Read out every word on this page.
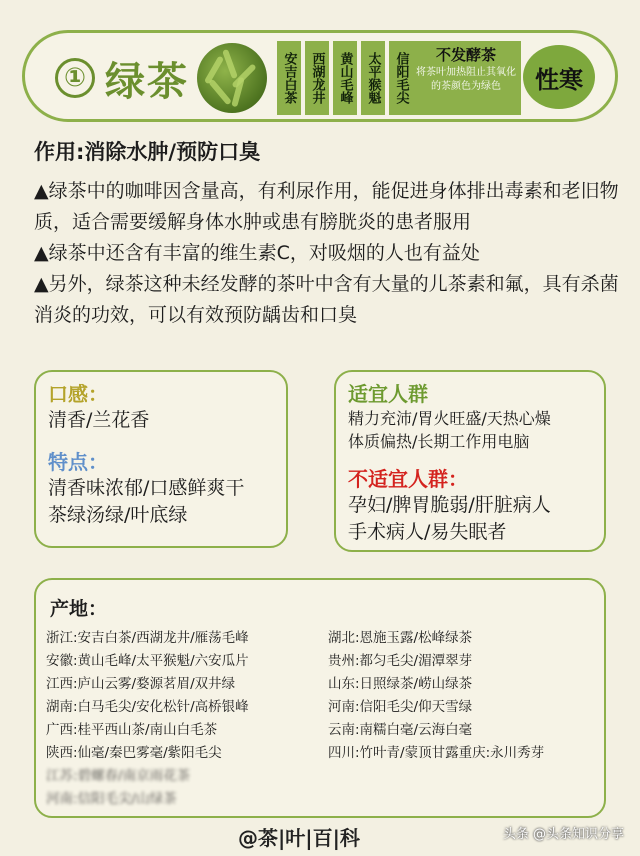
① 绿茶	安吉白茶	西湖龙井	黄山毛峰	太平猴魁	信阳毛尖	不发酵茶
将茶叶加热阻止其氧化的茶颜色为绿色	性寒
作用:消除水肿/预防口臭

▲绿茶中的咖啡因含量高，有利尿作用，能促进身体排出毒素和老旧物质，适合需要缓解身体水肿或患有膀胱炎的患者服用

▲绿茶中还含有丰富的维生素C，对吸烟的人也有益处

▲另外，绿茶这种未经发酵的茶叶中含有大量的儿茶素和氟，具有杀菌消炎的功效，可以有效预防龋齿和口臭

口感：
清香/兰花香
特点：
清香味浓郁/口感鲜爽干
茶绿汤绿/叶底绿
适宜人群
精力充沛/胃火旺盛/天热心燥
体质偏热/长期工作用电脑
不适宜人群：
孕妇/脾胃脆弱/肝脏病人
手术病人/易失眠者
产地：
浙江:安吉白茶/西湖龙井/雁荡毛峰	湖北:恩施玉露/松峰绿茶
安徽:黄山毛峰/太平猴魁/六安瓜片	贵州:都匀毛尖/湄潭翠芽
江西:庐山云雾/婺源茗眉/双井绿	山东:日照绿茶/崂山绿茶
湖南:白马毛尖/安化松针/高桥银峰	河南:信阳毛尖/仰天雪绿
广西:桂平西山茶/南山白毛茶	云南:南糯白毫/云海白毫
陕西:仙毫/秦巴雾毫/紫阳毛尖	四川:竹叶青/蒙顶甘露重庆:永川秀芽
江苏:碧螺春/南京雨花茶
河南:信阳毛尖/山绿茶
@茶|叶|百|科	头条 @头条知识分享
